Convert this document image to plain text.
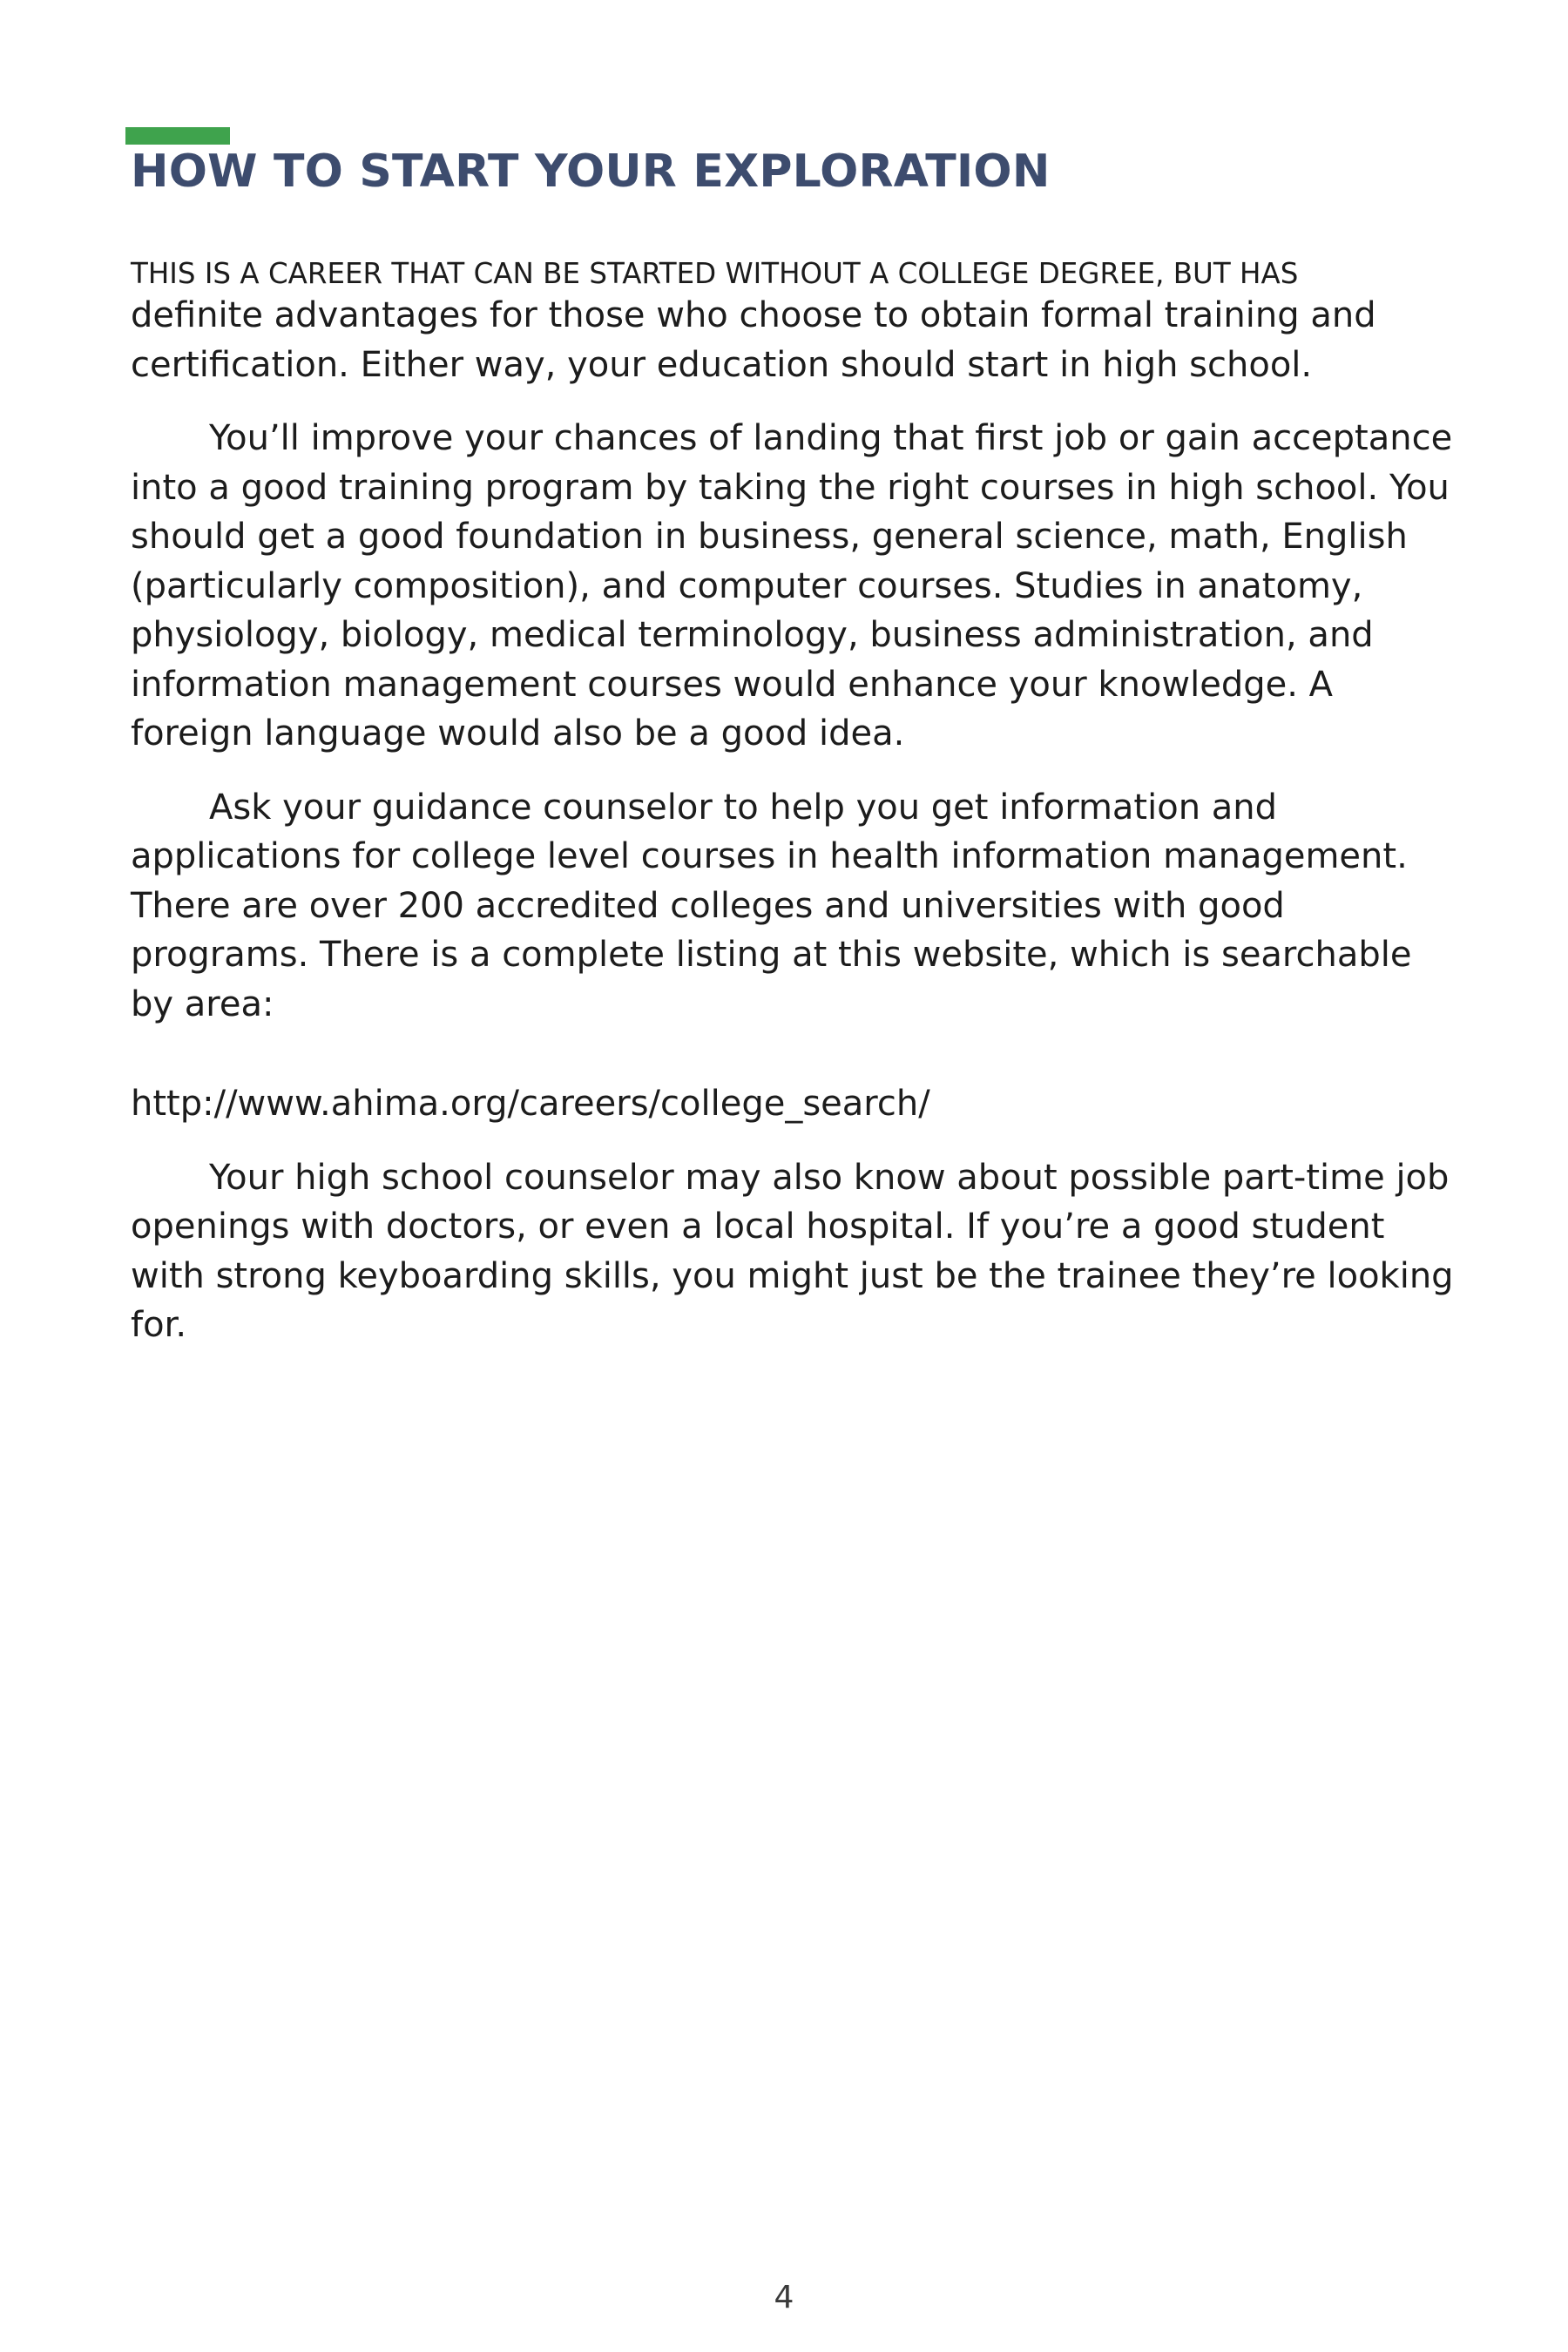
HOW TO START YOUR EXPLORATION

THIS IS A CAREER THAT CAN BE STARTED WITHOUT A COLLEGE DEGREE, BUT HAS
definite advantages for those who choose to obtain formal training and certification. Either way, your education should start in high school.

You’ll improve your chances of landing that first job or gain acceptance into a good training program by taking the right courses in high school. You should get a good foundation in business, general science, math, English (particularly composition), and computer courses. Studies in anatomy, physiology, biology, medical terminology, business administration, and information management courses would enhance your knowledge. A foreign language would also be a good idea.

Ask your guidance counselor to help you get information and applications for college level courses in health information management. There are over 200 accredited colleges and universities with good programs. There is a complete listing at this website, which is searchable by area:

http://www.ahima.org/careers/college_search/

Your high school counselor may also know about possible part-time job openings with doctors, or even a local hospital. If you’re a good student with strong keyboarding skills, you might just be the trainee they’re looking for.

4
